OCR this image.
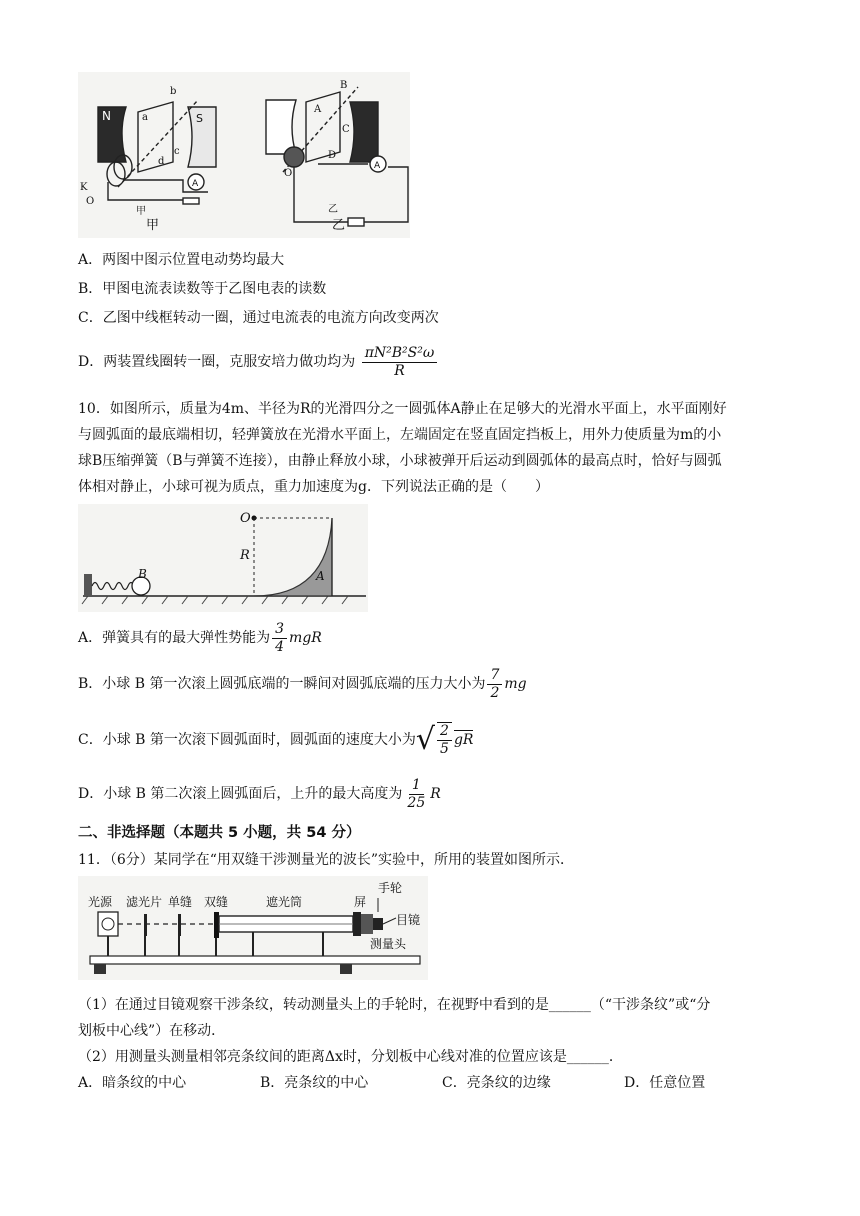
N	S
A
K
O
甲
b
a
c
d	A
乙
A
B
C
D
O
甲	乙
A．两图中图示位置电动势均最大
B．甲图电流表读数等于乙图电表的读数
C．乙图中线框转动一圈，通过电流表的电流方向改变两次
D．两装置线圈转一圈，克服安培力做功均为 $\frac{\text{πN²B²S²ω}}{R}$
10．如图所示，质量为4m、半径为R的光滑四分之一圆弧体A静止在足够大的光滑水平面上，水平面刚好
与圆弧面的最底端相切，轻弹簧放在光滑水平面上，左端固定在竖直固定挡板上，用外力使质量为m的小
球B压缩弹簧（B与弹簧不连接），由静止释放小球，小球被弹开后运动到圆弧体的最高点时，恰好与圆弧
体相对静止，小球可视为质点，重力加速度为g．下列说法正确的是（　　）
O
R
A
B
A．弹簧具有的最大弹性势能为 $\frac{3}{4}$ mgR
B．小球 B 第一次滚上圆弧底端的一瞬间对圆弧底端的压力大小为 $\frac{7}{2}$ mg
C．小球 B 第一次滚下圆弧面时，圆弧面的速度大小为√ $\frac{2}{5}$ gR
D．小球 B 第二次滚上圆弧面后，上升的最大高度为 $\frac{1}{25}$ R
二、非选择题（本题共 5 小题，共 54 分）
11．（6分）某同学在“用双缝干涉测量光的波长”实验中，所用的装置如图所示．
光源 滤光片 单缝 双缝	遮光筒	屏
手轮
目镜
测量头
（1）在通过目镜观察干涉条纹，转动测量头上的手轮时，在视野中看到的是______（“干涉条纹”或“分
划板中心线”）在移动．
（2）用测量头测量相邻亮条纹间的距离Δx时，分划板中心线对准的位置应该是______．
A．暗条纹的中心	B．亮条纹的中心	C．亮条纹的边缘	D．任意位置
